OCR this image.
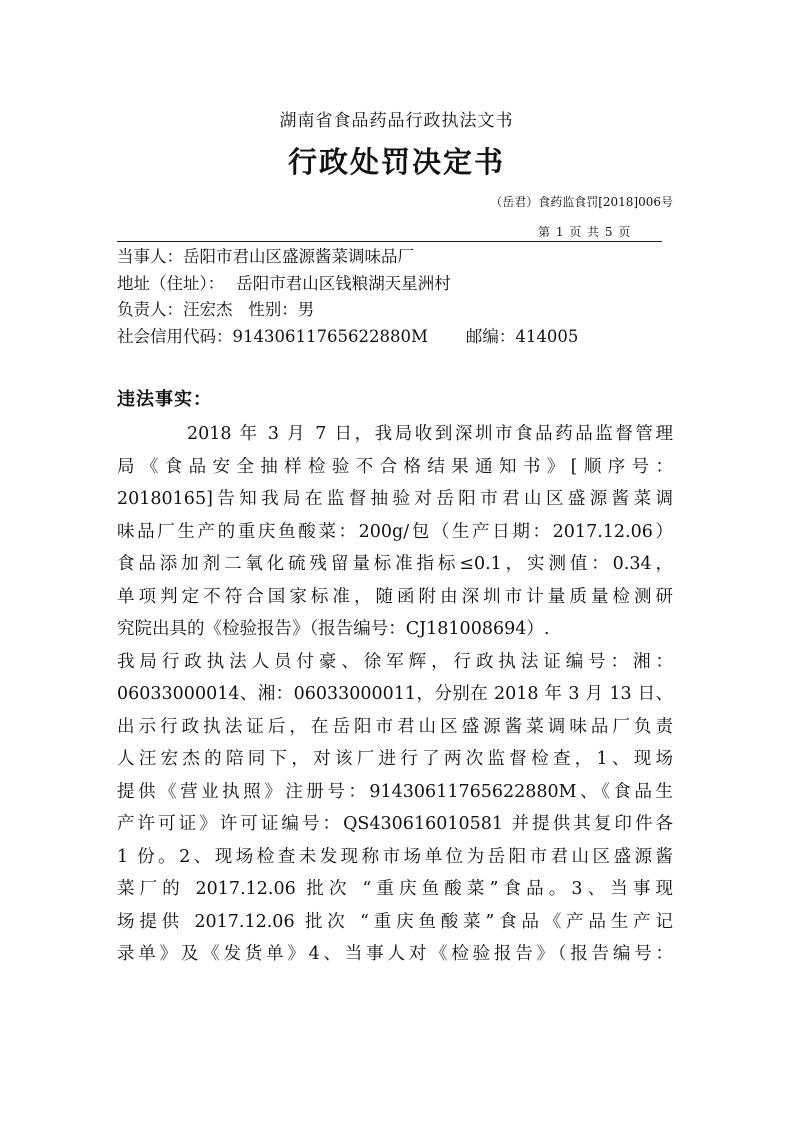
湖南省食品药品行政执法文书
行政处罚决定书
（岳君）食药监食罚[2018]006号
第 1 页 共 5 页
当事人：岳阳市君山区盛源酱菜调味品厂
地址（住址）： 岳阳市君山区钱粮湖天星洲村
负责人：汪宏杰 性别：男
社会信用代码：91430611765622880M 邮编：414005
违法事实：
2018 年 3 月 7 日，我局收到深圳市食品药品监督管理
局《食品安全抽样检验不合格结果通知书》[顺序号：
20180165]告知我局在监督抽验对岳阳市君山区盛源酱菜调
味品厂生产的重庆鱼酸菜：200g/包（生产日期：2017.12.06）
食品添加剂二氧化硫残留量标准指标≤0.1，实测值：0.34，
单项判定不符合国家标准，随函附由深圳市计量质量检测研
究院出具的《检验报告》（报告编号：CJ181008694）.
我局行政执法人员付豪、徐军辉，行政执法证编号：湘：
06033000014、湘：06033000011，分别在 2018 年 3 月 13 日、
出示行政执法证后，在岳阳市君山区盛源酱菜调味品厂负责
人汪宏杰的陪同下，对该厂进行了两次监督检查，1、现场
提供《营业执照》注册号：91430611765622880M、《食品生
产许可证》许可证编号：QS430616010581 并提供其复印件各
1 份。2、现场检查未发现称市场单位为岳阳市君山区盛源酱
菜厂的 2017.12.06 批次 “重庆鱼酸菜”食品。3、当事现
场提供 2017.12.06 批次 “重庆鱼酸菜”食品《产品生产记
录单》及《发货单》4、当事人对《检验报告》（报告编号：
